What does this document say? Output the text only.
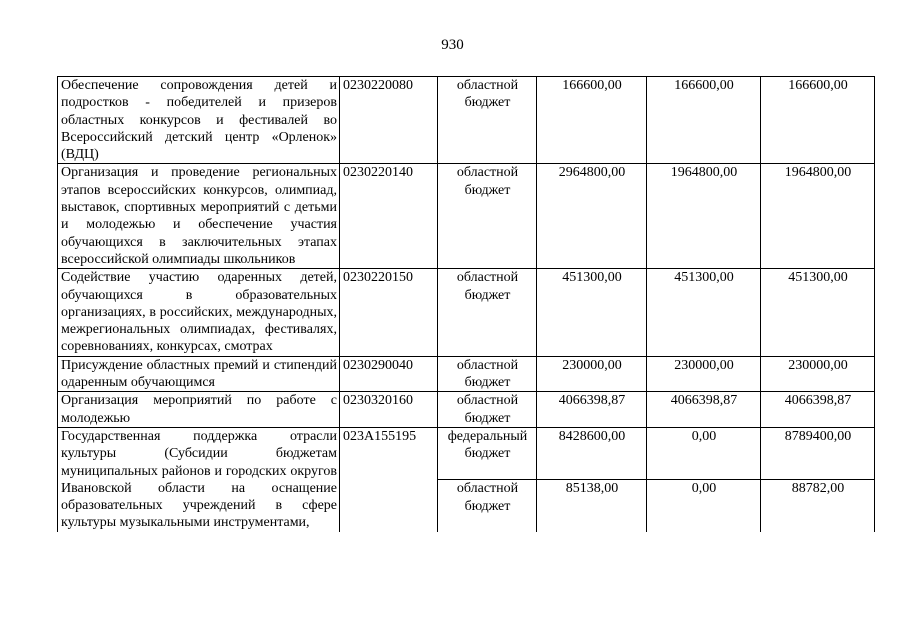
930
Обеспечение сопровождения детей и подростков - победителей и призеров областных конкурсов и фестивалей во Всероссийский детский центр «Орленок» (ВДЦ)	0230220080	областной бюджет	166600,00	166600,00	166600,00
Организация и проведение региональных этапов всероссийских конкурсов, олимпиад, выставок, спортивных мероприятий с детьми и молодежью и обеспечение участия обучающихся в заключительных этапах всероссийской олимпиады школьников	0230220140	областной бюджет	2964800,00	1964800,00	1964800,00
Содействие участию одаренных детей, обучающихся в образовательных организациях, в российских, международных, межрегиональных олимпиадах, фестивалях, соревнованиях, конкурсах, смотрах	0230220150	областной бюджет	451300,00	451300,00	451300,00
Присуждение областных премий и стипендий одаренным обучающимся	0230290040	областной бюджет	230000,00	230000,00	230000,00
Организация мероприятий по работе с молодежью	0230320160	областной бюджет	4066398,87	4066398,87	4066398,87
Государственная поддержка отрасли культуры (Субсидии бюджетам муниципальных районов и городских округов Ивановской области на оснащение образовательных учреждений в сфере культуры музыкальными инструментами,	023A155195	федеральный бюджет	8428600,00	0,00	8789400,00
		областной бюджет	85138,00	0,00	88782,00
